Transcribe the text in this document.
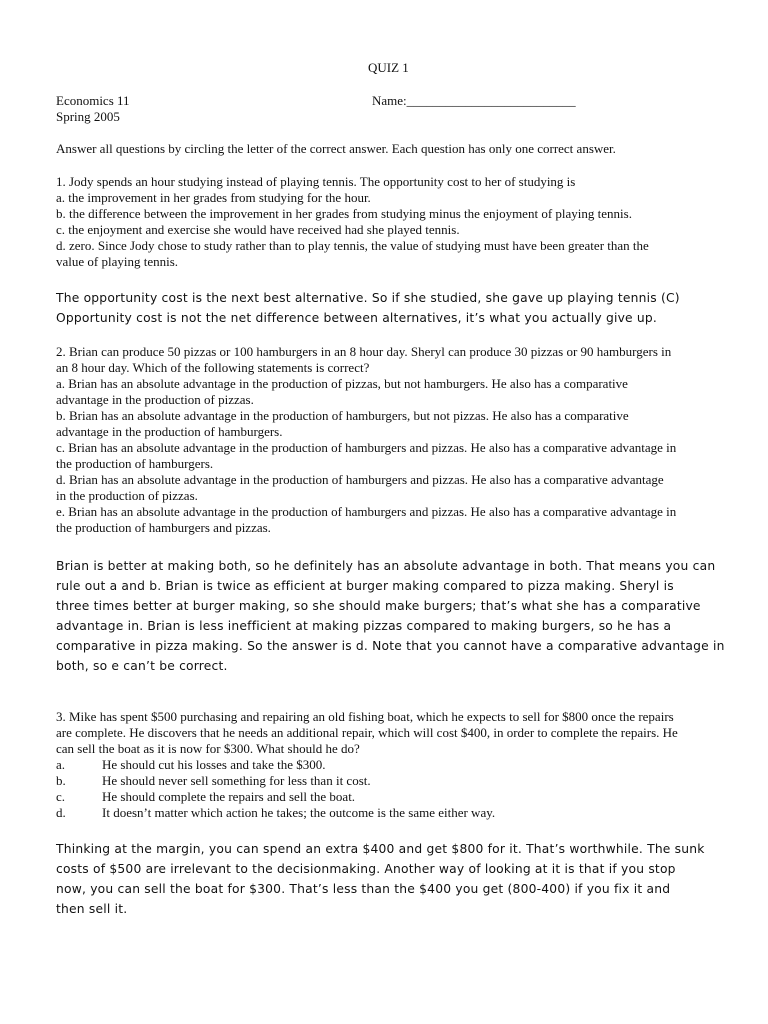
QUIZ 1
Economics 11
Spring 2005
Name:__________________________
Answer all questions by circling the letter of the correct answer. Each question has only one correct answer.
1. Jody spends an hour studying instead of playing tennis. The opportunity cost to her of studying is
a. the improvement in her grades from studying for the hour.
b. the difference between the improvement in her grades from studying minus the enjoyment of playing tennis.
c. the enjoyment and exercise she would have received had she played tennis.
d. zero. Since Jody chose to study rather than to play tennis, the value of studying must have been greater than the
value of playing tennis.
The opportunity cost is the next best alternative. So if she studied, she gave up playing tennis (C)
Opportunity cost is not the net difference between alternatives, it’s what you actually give up.
2. Brian can produce 50 pizzas or 100 hamburgers in an 8 hour day. Sheryl can produce 30 pizzas or 90 hamburgers in
an 8 hour day. Which of the following statements is correct?
a. Brian has an absolute advantage in the production of pizzas, but not hamburgers. He also has a comparative
advantage in the production of pizzas.
b. Brian has an absolute advantage in the production of hamburgers, but not pizzas. He also has a comparative
advantage in the production of hamburgers.
c. Brian has an absolute advantage in the production of hamburgers and pizzas. He also has a comparative advantage in
the production of hamburgers.
d. Brian has an absolute advantage in the production of hamburgers and pizzas. He also has a comparative advantage
in the production of pizzas.
e. Brian has an absolute advantage in the production of hamburgers and pizzas. He also has a comparative advantage in
the production of hamburgers and pizzas.
Brian is better at making both, so he definitely has an absolute advantage in both. That means you can
rule out a and b. Brian is twice as efficient at burger making compared to pizza making. Sheryl is
three times better at burger making, so she should make burgers; that’s what she has a comparative
advantage in. Brian is less inefficient at making pizzas compared to making burgers, so he has a
comparative in pizza making. So the answer is d. Note that you cannot have a comparative advantage in
both, so e can’t be correct.
3. Mike has spent $500 purchasing and repairing an old fishing boat, which he expects to sell for $800 once the repairs
are complete. He discovers that he needs an additional repair, which will cost $400, in order to complete the repairs. He
can sell the boat as it is now for $300. What should he do?
a.	He should cut his losses and take the $300.
b.	He should never sell something for less than it cost.
c.	He should complete the repairs and sell the boat.
d.	It doesn’t matter which action he takes; the outcome is the same either way.
Thinking at the margin, you can spend an extra $400 and get $800 for it. That’s worthwhile. The sunk
costs of $500 are irrelevant to the decisionmaking. Another way of looking at it is that if you stop
now, you can sell the boat for $300. That’s less than the $400 you get (800-400) if you fix it and
then sell it.
